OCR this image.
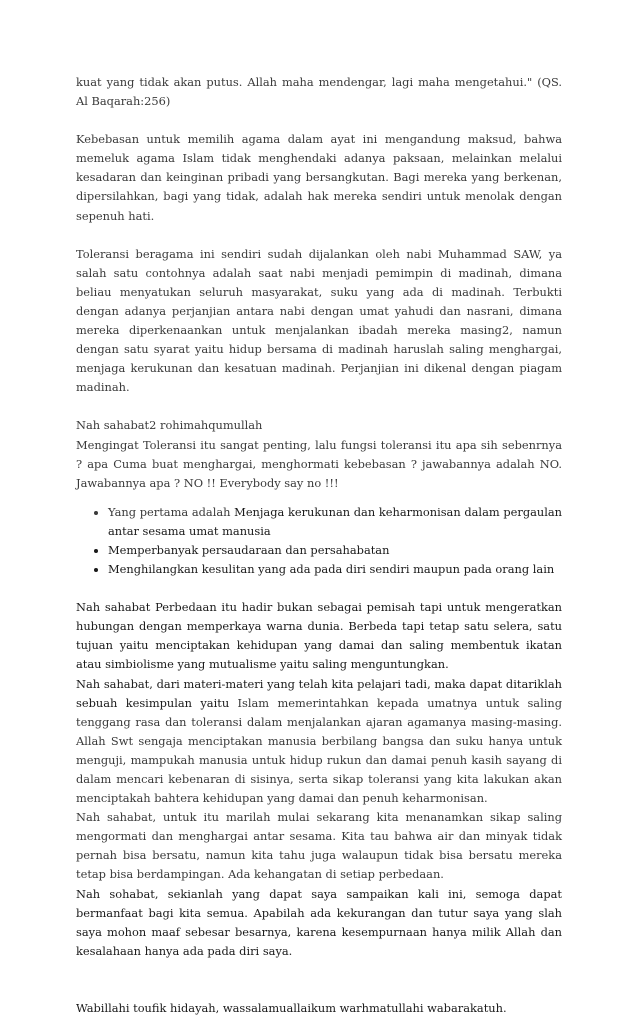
kuat yang tidak akan putus. Allah maha mendengar, lagi maha mengetahui." (QS. Al Baqarah:256)

Kebebasan untuk memilih agama dalam ayat ini mengandung maksud, bahwa memeluk agama Islam tidak menghendaki adanya paksaan, melainkan melalui kesadaran dan keinginan pribadi yang bersangkutan. Bagi mereka yang berkenan, dipersilahkan, bagi yang tidak, adalah hak mereka sendiri untuk menolak dengan sepenuh hati.

Toleransi beragama ini sendiri sudah dijalankan oleh nabi Muhammad SAW, ya salah satu contohnya adalah saat nabi menjadi pemimpin di madinah, dimana beliau menyatukan seluruh masyarakat, suku yang ada di madinah. Terbukti dengan adanya perjanjian antara nabi dengan umat yahudi dan nasrani, dimana mereka diperkenaankan untuk menjalankan ibadah mereka masing2, namun dengan satu syarat yaitu hidup bersama di madinah haruslah saling menghargai, menjaga kerukunan dan kesatuan madinah. Perjanjian ini dikenal dengan piagam madinah.

Nah sahabat2 rohimahqumullah

Mengingat Toleransi itu sangat penting, lalu fungsi toleransi itu apa sih sebenrnya ? apa Cuma buat menghargai, menghormati kebebasan ? jawabannya adalah NO. Jawabannya apa ? NO !! Everybody say no !!!

• Yang pertama adalah Menjaga kerukunan dan keharmonisan dalam pergaulan antar sesama umat manusia
• Memperbanyak persaudaraan dan persahabatan
• Menghilangkan kesulitan yang ada pada diri sendiri maupun pada orang lain

Nah sahabat Perbedaan itu hadir bukan sebagai pemisah tapi untuk mengeratkan hubungan dengan memperkaya warna dunia. Berbeda tapi tetap satu selera, satu tujuan yaitu menciptakan kehidupan yang damai dan saling membentuk ikatan atau simbiolisme yang mutualisme yaitu saling menguntungkan.

Nah sahabat, dari materi-materi yang telah kita pelajari tadi, maka dapat ditariklah sebuah kesimpulan yaitu Islam memerintahkan kepada umatnya untuk saling tenggang rasa dan toleransi dalam menjalankan ajaran agamanya masing-masing. Allah Swt sengaja menciptakan manusia berbilang bangsa dan suku hanya untuk menguji, mampukah manusia untuk hidup rukun dan damai penuh kasih sayang di dalam mencari kebenaran di sisinya, serta sikap toleransi yang kita lakukan akan menciptakah bahtera kehidupan yang damai dan penuh keharmonisan.

Nah sahabat, untuk itu marilah mulai sekarang kita menanamkan sikap saling mengormati dan menghargai antar sesama. Kita tau bahwa air dan minyak tidak pernah bisa bersatu, namun kita tahu juga walaupun tidak bisa bersatu mereka tetap bisa berdampingan. Ada kehangatan di setiap perbedaan.

Nah sohabat, sekianlah yang dapat saya sampaikan kali ini, semoga dapat bermanfaat bagi kita semua. Apabilah ada kekurangan dan tutur saya yang slah saya mohon maaf sebesar besarnya, karena kesempurnaan hanya milik Allah dan kesalahaan hanya ada pada diri saya.

Wabillahi toufik hidayah, wassalamuallaikum warhmatullahi wabarakatuh.
